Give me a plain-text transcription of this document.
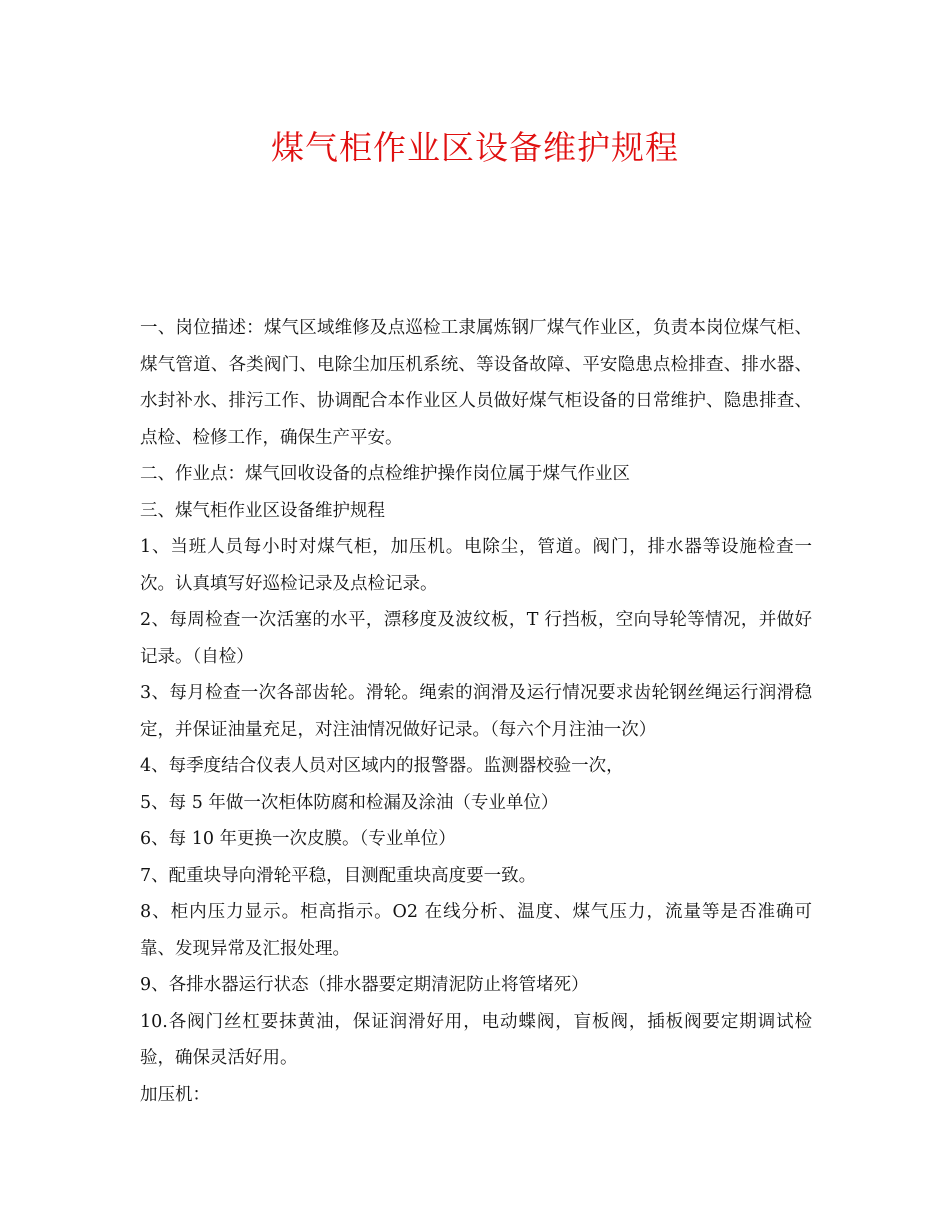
煤气柜作业区设备维护规程

一、岗位描述：煤气区域维修及点巡检工隶属炼钢厂煤气作业区，负责本岗位煤气柜、煤气管道、各类阀门、电除尘加压机系统、等设备故障、平安隐患点检排查、排水器、水封补水、排污工作、协调配合本作业区人员做好煤气柜设备的日常维护、隐患排查、点检、检修工作，确保生产平安。

二、作业点：煤气回收设备的点检维护操作岗位属于煤气作业区

三、煤气柜作业区设备维护规程

1、当班人员每小时对煤气柜，加压机。电除尘，管道。阀门，排水器等设施检查一次。认真填写好巡检记录及点检记录。

2、每周检查一次活塞的水平，漂移度及波纹板，T 行挡板，空向导轮等情况，并做好记录。（自检）

3、每月检查一次各部齿轮。滑轮。绳索的润滑及运行情况要求齿轮钢丝绳运行润滑稳定，并保证油量充足，对注油情况做好记录。（每六个月注油一次）

4、每季度结合仪表人员对区域内的报警器。监测器校验一次，

5、每 5 年做一次柜体防腐和检漏及涂油（专业单位）

6、每 10 年更换一次皮膜。（专业单位）

7、配重块导向滑轮平稳，目测配重块高度要一致。

8、柜内压力显示。柜高指示。O2 在线分析、温度、煤气压力，流量等是否准确可靠、发现异常及汇报处理。

9、各排水器运行状态（排水器要定期清泥防止将管堵死）

10.各阀门丝杠要抹黄油，保证润滑好用，电动蝶阀，盲板阀，插板阀要定期调试检验，确保灵活好用。

加压机：
